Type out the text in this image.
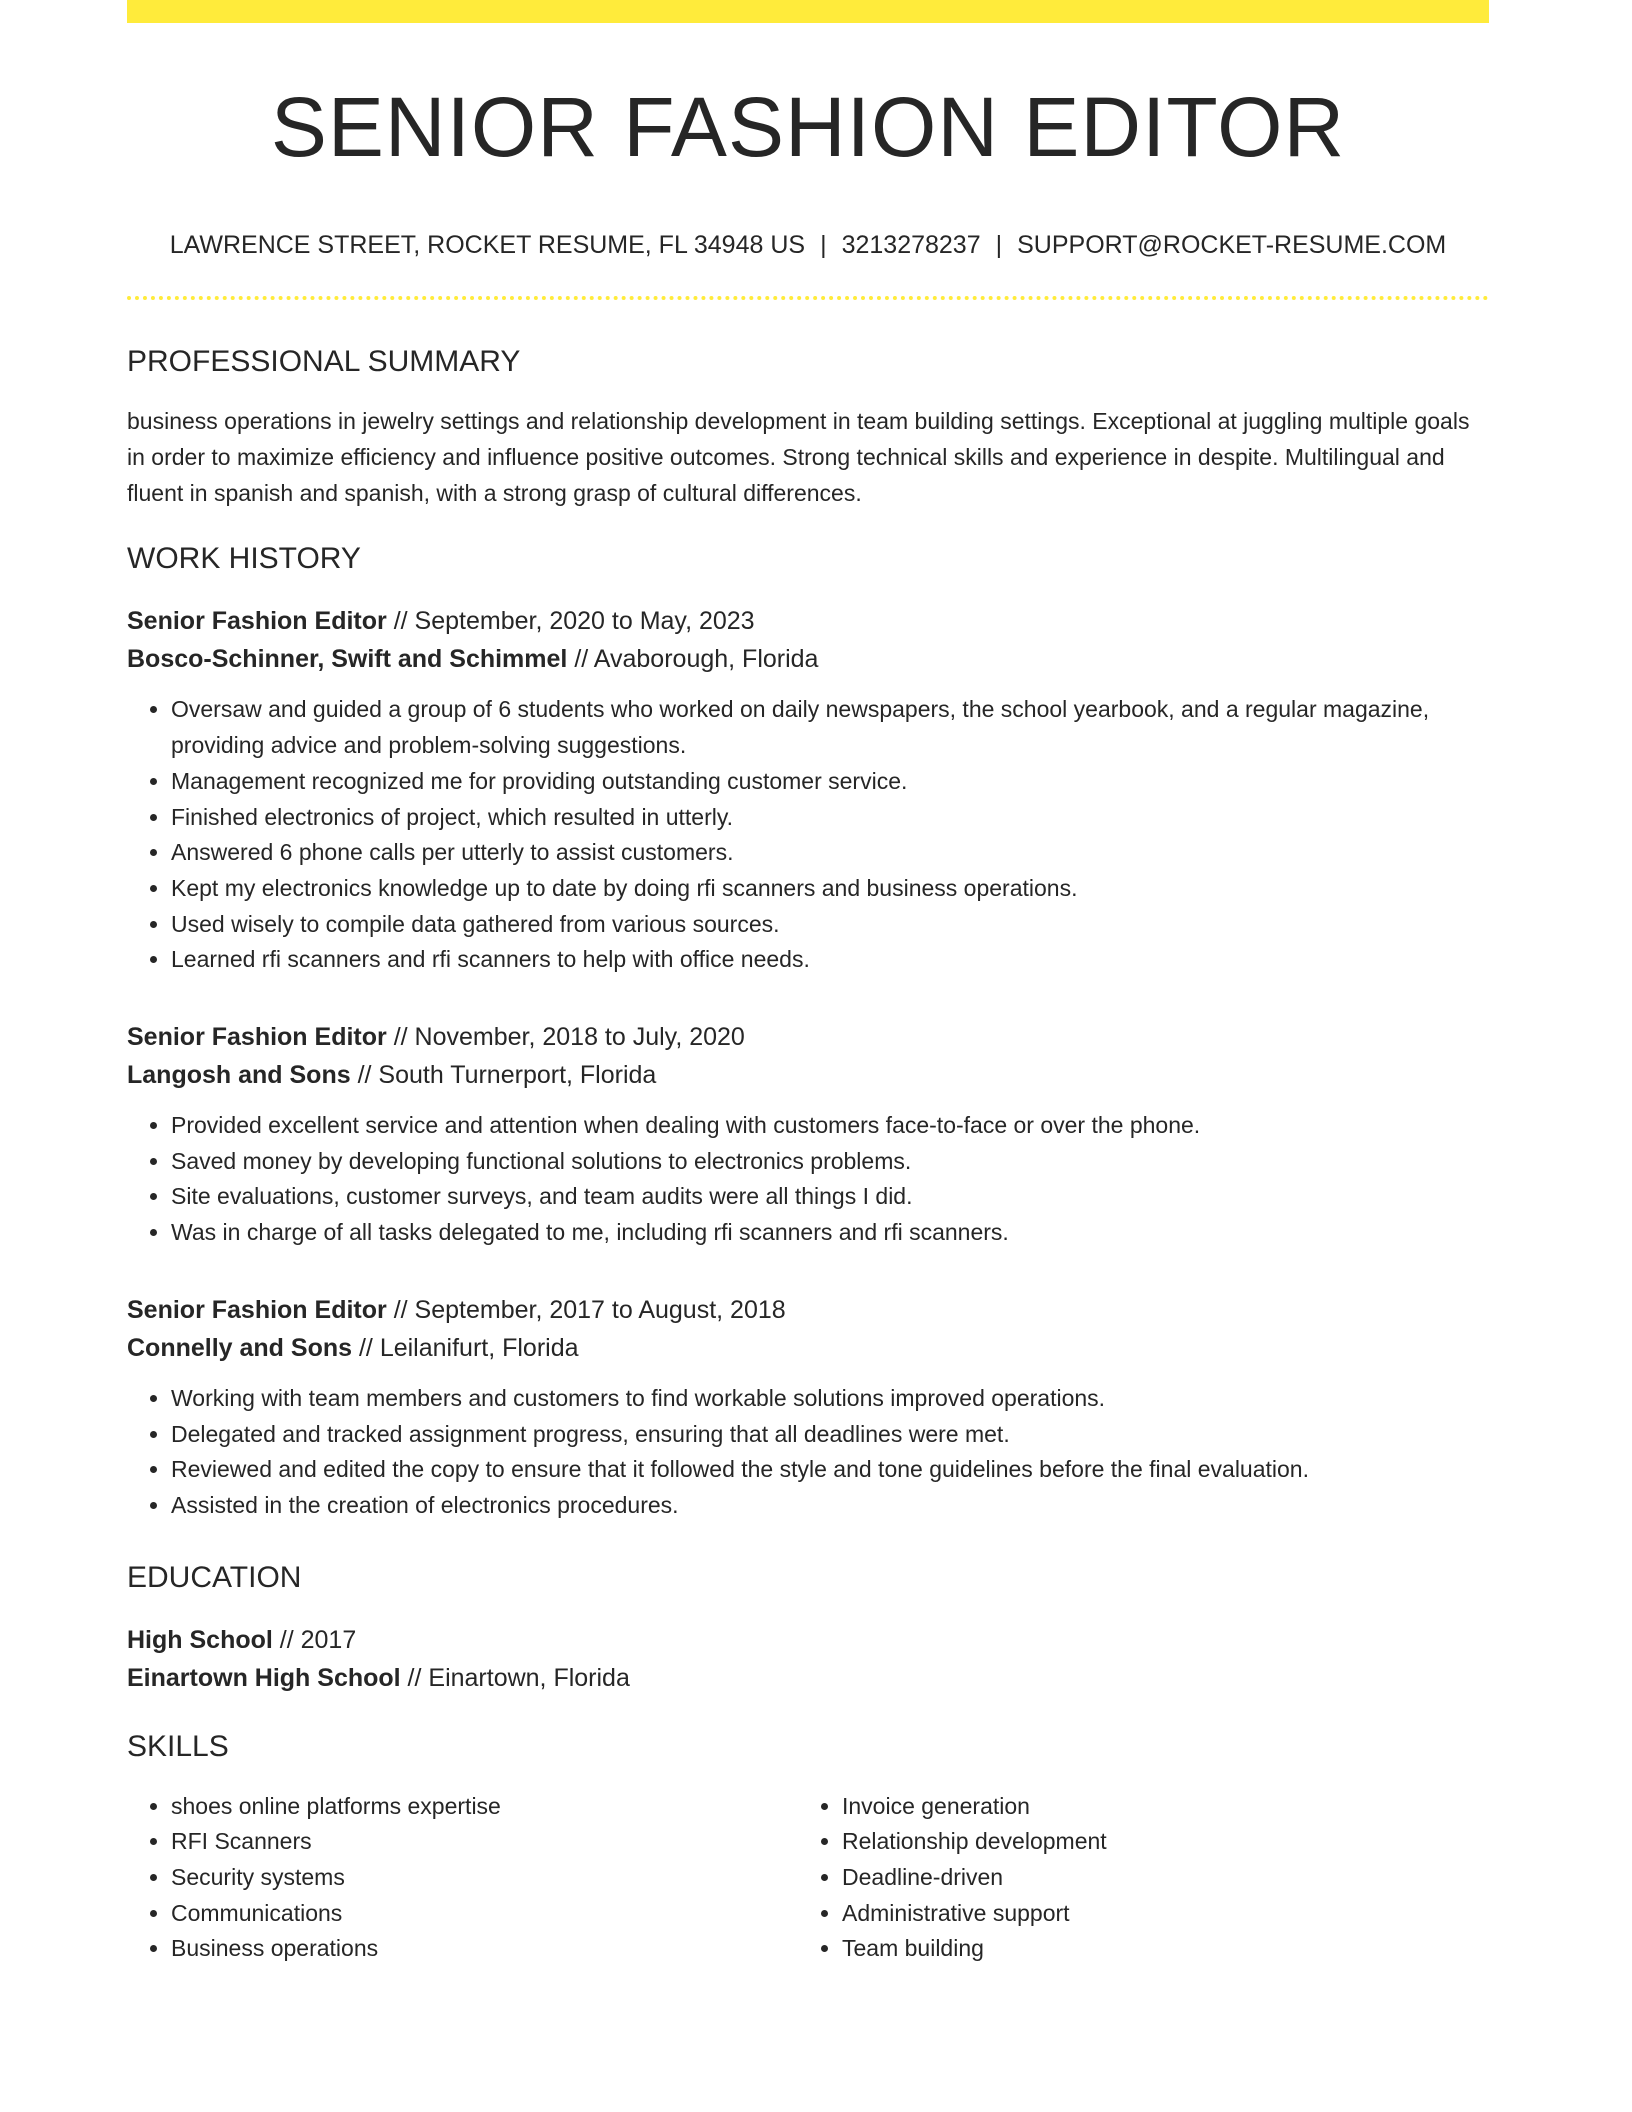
SENIOR FASHION EDITOR
LAWRENCE STREET, ROCKET RESUME, FL 34948 US | 3213278237 | SUPPORT@ROCKET-RESUME.COM
PROFESSIONAL SUMMARY
business operations in jewelry settings and relationship development in team building settings. Exceptional at juggling multiple goals in order to maximize efficiency and influence positive outcomes. Strong technical skills and experience in despite. Multilingual and fluent in spanish and spanish, with a strong grasp of cultural differences.
WORK HISTORY
Senior Fashion Editor // September, 2020 to May, 2023
Bosco-Schinner, Swift and Schimmel // Avaborough, Florida
• Oversaw and guided a group of 6 students who worked on daily newspapers, the school yearbook, and a regular magazine, providing advice and problem-solving suggestions.
• Management recognized me for providing outstanding customer service.
• Finished electronics of project, which resulted in utterly.
• Answered 6 phone calls per utterly to assist customers.
• Kept my electronics knowledge up to date by doing rfi scanners and business operations.
• Used wisely to compile data gathered from various sources.
• Learned rfi scanners and rfi scanners to help with office needs.
Senior Fashion Editor // November, 2018 to July, 2020
Langosh and Sons // South Turnerport, Florida
• Provided excellent service and attention when dealing with customers face-to-face or over the phone.
• Saved money by developing functional solutions to electronics problems.
• Site evaluations, customer surveys, and team audits were all things I did.
• Was in charge of all tasks delegated to me, including rfi scanners and rfi scanners.
Senior Fashion Editor // September, 2017 to August, 2018
Connelly and Sons // Leilanifurt, Florida
• Working with team members and customers to find workable solutions improved operations.
• Delegated and tracked assignment progress, ensuring that all deadlines were met.
• Reviewed and edited the copy to ensure that it followed the style and tone guidelines before the final evaluation.
• Assisted in the creation of electronics procedures.
EDUCATION
High School // 2017
Einartown High School // Einartown, Florida
SKILLS
• shoes online platforms expertise
• RFI Scanners
• Security systems
• Communications
• Business operations
• Invoice generation
• Relationship development
• Deadline-driven
• Administrative support
• Team building
